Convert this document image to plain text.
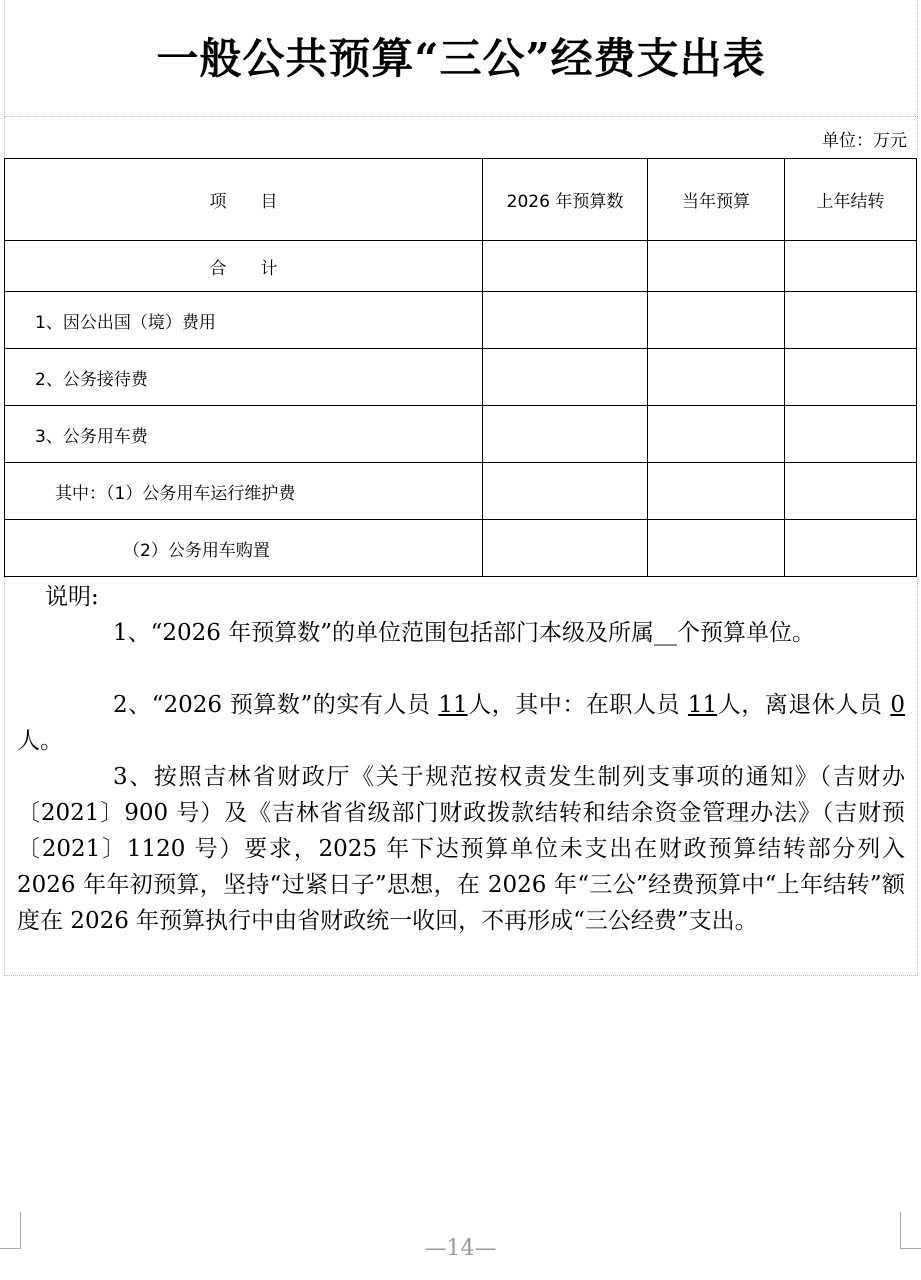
一般公共预算“三公”经费支出表
单位：万元
项　　目	2026 年预算数	当年预算	上年结转
合　　计			
1、因公出国（境）费用			
2、公务接待费			
3、公务用车费			
其中：（1）公务用车运行维护费			
（2）公务用车购置			
说明:
1、“2026 年预算数”的单位范围包括部门本级及所属__个预算单位。
2、“2026 预算数”的实有人员 11人，其中：在职人员 11人，离退休人员 0人。
3、按照吉林省财政厅《关于规范按权责发生制列支事项的通知》（吉财办〔2021〕900 号）及《吉林省省级部门财政拨款结转和结余资金管理办法》（吉财预〔2021〕1120 号）要求，2025 年下达预算单位未支出在财政预算结转部分列入 2026 年年初预算，坚持“过紧日子”思想，在 2026 年“三公”经费预算中“上年结转”额度在 2026 年预算执行中由省财政统一收回，不再形成“三公经费”支出。
—14—
